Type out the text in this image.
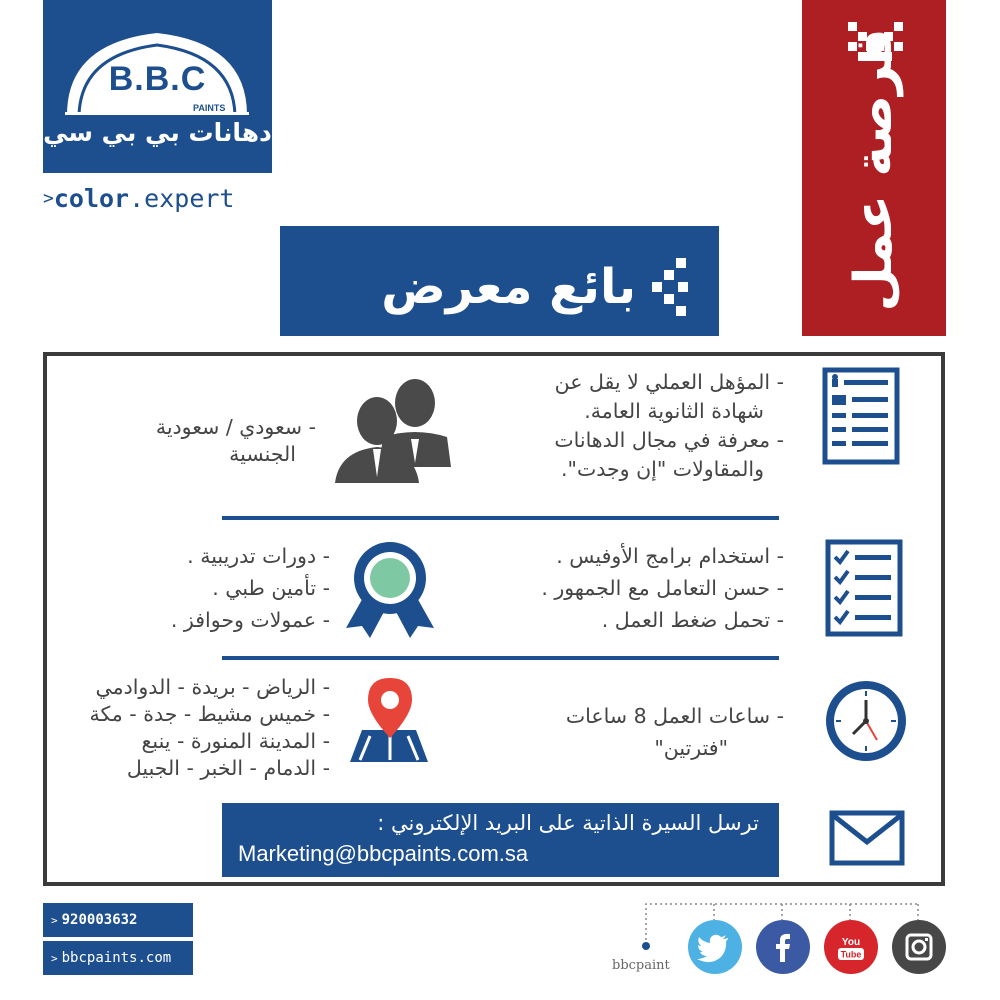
B.B.C
PAINTS
دهانات بي بي سي
>color.expert	فرصة عمل
بائع معرض
- المؤهل العملي لا يقل عن
شهادة الثانوية العامة.
- معرفة في مجال الدهانات
والمقاولات "إن وجدت".
- سعودي / سعودية
الجنسية
- استخدام برامج الأوفيس .
- حسن التعامل مع الجمهور .
- تحمل ضغط العمل .
- دورات تدريبية .
- تأمين طبي .
- عمولات وحوافز .
- ساعات العمل 8 ساعات
"فترتين"
- الرياض - بريدة - الدوادمي
- خميس مشيط - جدة - مكة
- المدينة المنورة - ينبع
- الدمام - الخبر - الجبيل
ترسل السيرة الذاتية على البريد الإلكتروني :
Marketing@bbcpaints.com.sa
> 920003632
> bbcpaints.com	bbcpaint
You
Tube
